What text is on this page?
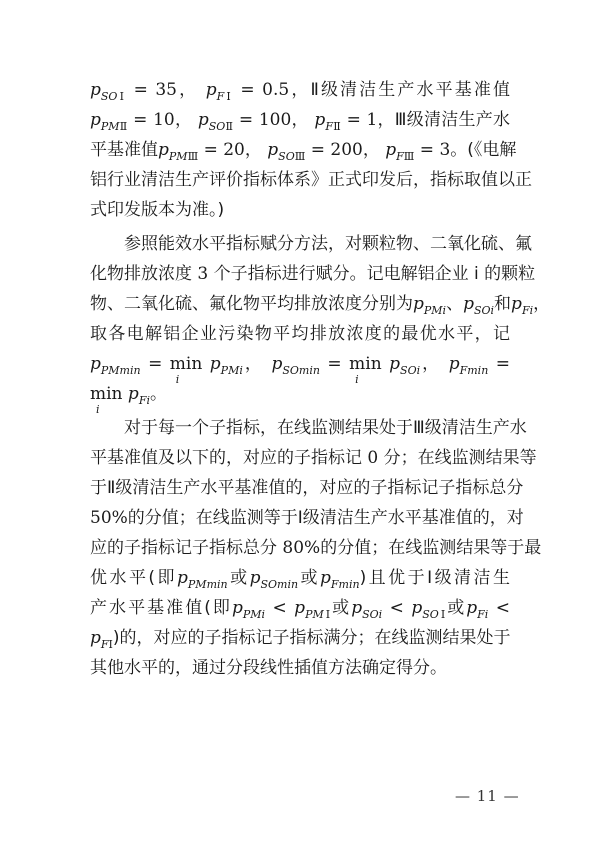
$p_{SOⅠ} = 35$， $p_{FⅠ} = 0.5$，Ⅱ级清洁生产水平基准值
$p_{PMⅡ} = 10$， $p_{SOⅡ} = 100$， $p_{FⅡ} = 1$，Ⅲ级清洁生产水
平基准值$p_{PMⅢ} = 20$， $p_{SOⅢ} = 200$， $p_{FⅢ} = 3$。(《电解
铝行业清洁生产评价指标体系》正式印发后，指标取值以正
式印发版本为准。)
参照能效水平指标赋分方法，对颗粒物、二氧化硫、氟
化物排放浓度 3 个子指标进行赋分。记电解铝企业 i 的颗粒
物、二氧化硫、氟化物平均排放浓度分别为$p_{PMi}$、$p_{SOi}$和$p_{Fi}$，
取各电解铝企业污染物平均排放浓度的最优水平，记
$p_{PMmin} = \min$
i
$p_{PMi}$， $p_{SOmin} = \min$
i
$p_{SOi}$， $p_{Fmin}$ =
min
i
$p_{Fi}$。
对于每一个子指标，在线监测结果处于Ⅲ级清洁生产水
平基准值及以下的，对应的子指标记 0 分；在线监测结果等
于Ⅱ级清洁生产水平基准值的，对应的子指标记子指标总分
50%的分值；在线监测等于Ⅰ级清洁生产水平基准值的，对
应的子指标记子指标总分 80%的分值；在线监测结果等于最
优水平(即$p_{PMmin}$或$p_{SOmin}$或$p_{Fmin}$)且优于Ⅰ级清洁生
产水平基准值(即$p_{PMi} < p_{PMⅠ}$或$p_{SOi} < p_{SOⅠ}$或$p_{Fi}$ <
$p_{FⅠ}$)的，对应的子指标记子指标满分；在线监测结果处于
其他水平的，通过分段线性插值方法确定得分。
— 11 —
